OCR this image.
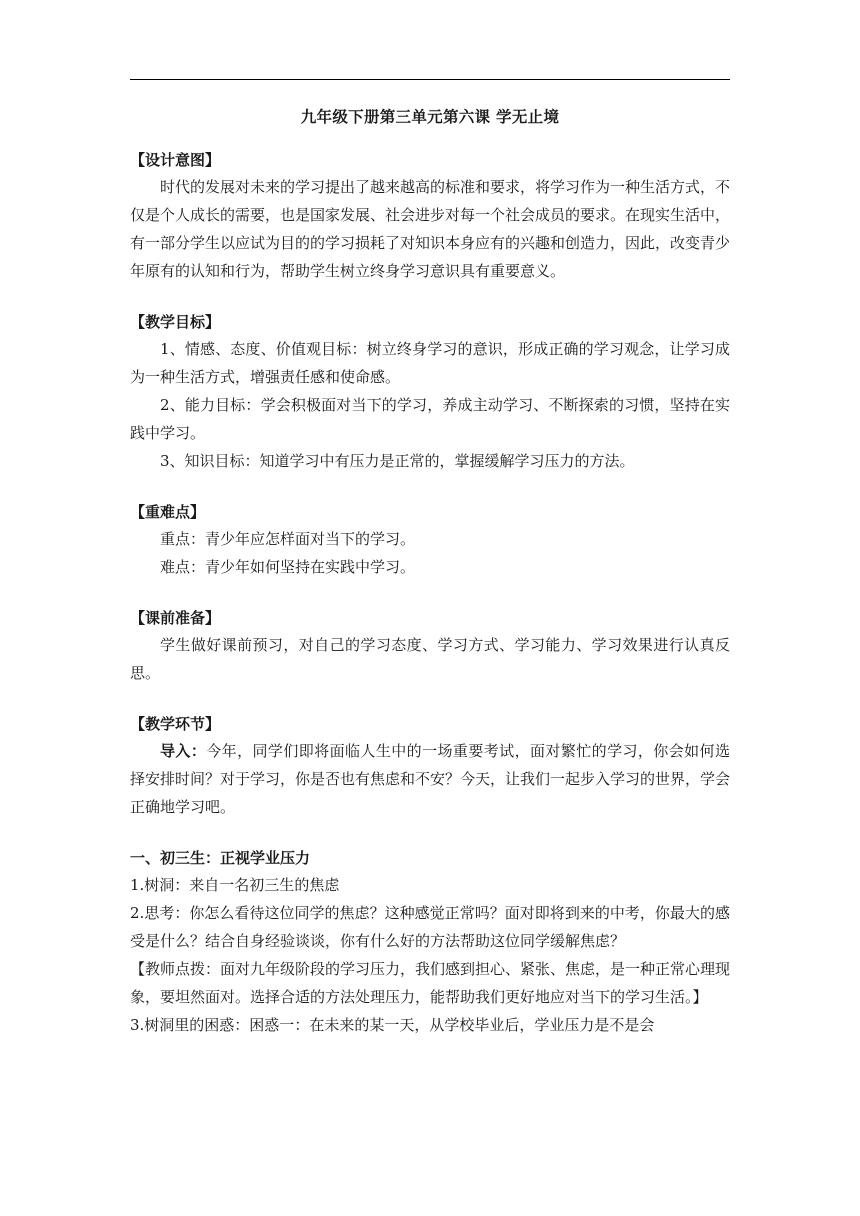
九年级下册第三单元第六课 学无止境
【设计意图】

时代的发展对未来的学习提出了越来越高的标准和要求，将学习作为一种生活方式，不仅是个人成长的需要，也是国家发展、社会进步对每一个社会成员的要求。在现实生活中，有一部分学生以应试为目的的学习损耗了对知识本身应有的兴趣和创造力，因此，改变青少年原有的认知和行为，帮助学生树立终身学习意识具有重要意义。

【教学目标】

1、情感、态度、价值观目标：树立终身学习的意识，形成正确的学习观念，让学习成为一种生活方式，增强责任感和使命感。

2、能力目标：学会积极面对当下的学习，养成主动学习、不断探索的习惯，坚持在实践中学习。

3、知识目标：知道学习中有压力是正常的，掌握缓解学习压力的方法。

【重难点】

重点：青少年应怎样面对当下的学习。

难点：青少年如何坚持在实践中学习。

【课前准备】

学生做好课前预习，对自己的学习态度、学习方式、学习能力、学习效果进行认真反思。

【教学环节】

导入：今年，同学们即将面临人生中的一场重要考试，面对繁忙的学习，你会如何选择安排时间？对于学习，你是否也有焦虑和不安？今天，让我们一起步入学习的世界，学会正确地学习吧。

一、初三生：正视学业压力

1.树洞：来自一名初三生的焦虑

2.思考：你怎么看待这位同学的焦虑？这种感觉正常吗？面对即将到来的中考，你最大的感受是什么？结合自身经验谈谈，你有什么好的方法帮助这位同学缓解焦虑？

【教师点拨：面对九年级阶段的学习压力，我们感到担心、紧张、焦虑，是一种正常心理现象，要坦然面对。选择合适的方法处理压力，能帮助我们更好地应对当下的学习生活。】

3.树洞里的困惑：困惑一：在未来的某一天，从学校毕业后，学业压力是不是会
